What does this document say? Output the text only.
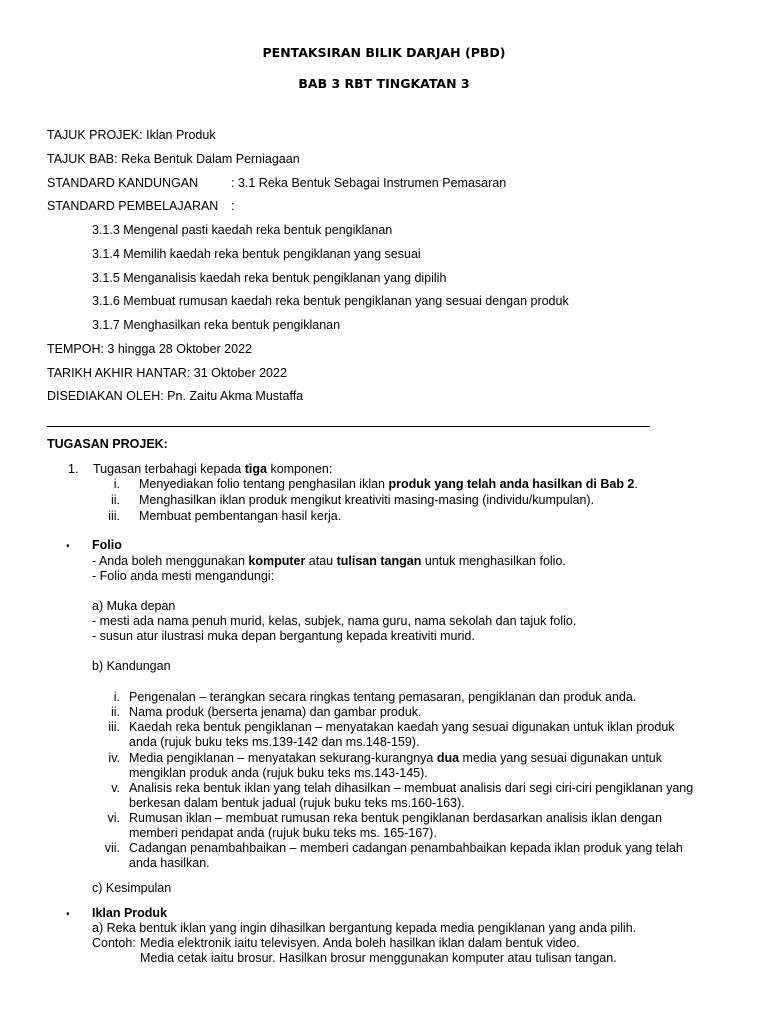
PENTAKSIRAN BILIK DARJAH (PBD)
BAB 3 RBT TINGKATAN 3
TAJUK PROJEK: Iklan Produk
TAJUK BAB: Reka Bentuk Dalam Perniagaan
STANDARD KANDUNGAN	: 3.1 Reka Bentuk Sebagai Instrumen Pemasaran
STANDARD PEMBELAJARAN :
3.1.3 Mengenal pasti kaedah reka bentuk pengiklanan
3.1.4 Memilih kaedah reka bentuk pengiklanan yang sesuai
3.1.5 Menganalisis kaedah reka bentuk pengiklanan yang dipilih
3.1.6 Membuat rumusan kaedah reka bentuk pengiklanan yang sesuai dengan produk
3.1.7 Menghasilkan reka bentuk pengiklanan
TEMPOH: 3 hingga 28 Oktober 2022
TARIKH AKHIR HANTAR: 31 Oktober 2022
DISEDIAKAN OLEH: Pn. Zaitu Akma Mustaffa
TUGASAN PROJEK:
1. Tugasan terbahagi kepada tiga komponen:
i. Menyediakan folio tentang penghasilan iklan produk yang telah anda hasilkan di Bab 2.
ii. Menghasilkan iklan produk mengikut kreativiti masing-masing (individu/kumpulan).
iii. Membuat pembentangan hasil kerja.
• Folio
- Anda boleh menggunakan komputer atau tulisan tangan untuk menghasilkan folio.
- Folio anda mesti mengandungi:
a) Muka depan
- mesti ada nama penuh murid, kelas, subjek, nama guru, nama sekolah dan tajuk folio.
- susun atur ilustrasi muka depan bergantung kepada kreativiti murid.
b) Kandungan
i. Pengenalan – terangkan secara ringkas tentang pemasaran, pengiklanan dan produk anda.
ii. Nama produk (berserta jenama) dan gambar produk.
iii. Kaedah reka bentuk pengiklanan – menyatakan kaedah yang sesuai digunakan untuk iklan produk
anda (rujuk buku teks ms.139-142 dan ms.148-159).
iv. Media pengiklanan – menyatakan sekurang-kurangnya dua media yang sesuai digunakan untuk
mengiklan produk anda (rujuk buku teks ms.143-145).
v. Analisis reka bentuk iklan yang telah dihasilkan – membuat analisis dari segi ciri-ciri pengiklanan yang
berkesan dalam bentuk jadual (rujuk buku teks ms.160-163).
vi. Rumusan iklan – membuat rumusan reka bentuk pengiklanan berdasarkan analisis iklan dengan
memberi pendapat anda (rujuk buku teks ms. 165-167).
vii. Cadangan penambahbaikan – memberi cadangan penambahbaikan kepada iklan produk yang telah
anda hasilkan.
c) Kesimpulan
• Iklan Produk
a) Reka bentuk iklan yang ingin dihasilkan bergantung kepada media pengiklanan yang anda pilih.
Contoh: Media elektronik iaitu televisyen. Anda boleh hasilkan iklan dalam bentuk video.
Media cetak iaitu brosur. Hasilkan brosur menggunakan komputer atau tulisan tangan.
